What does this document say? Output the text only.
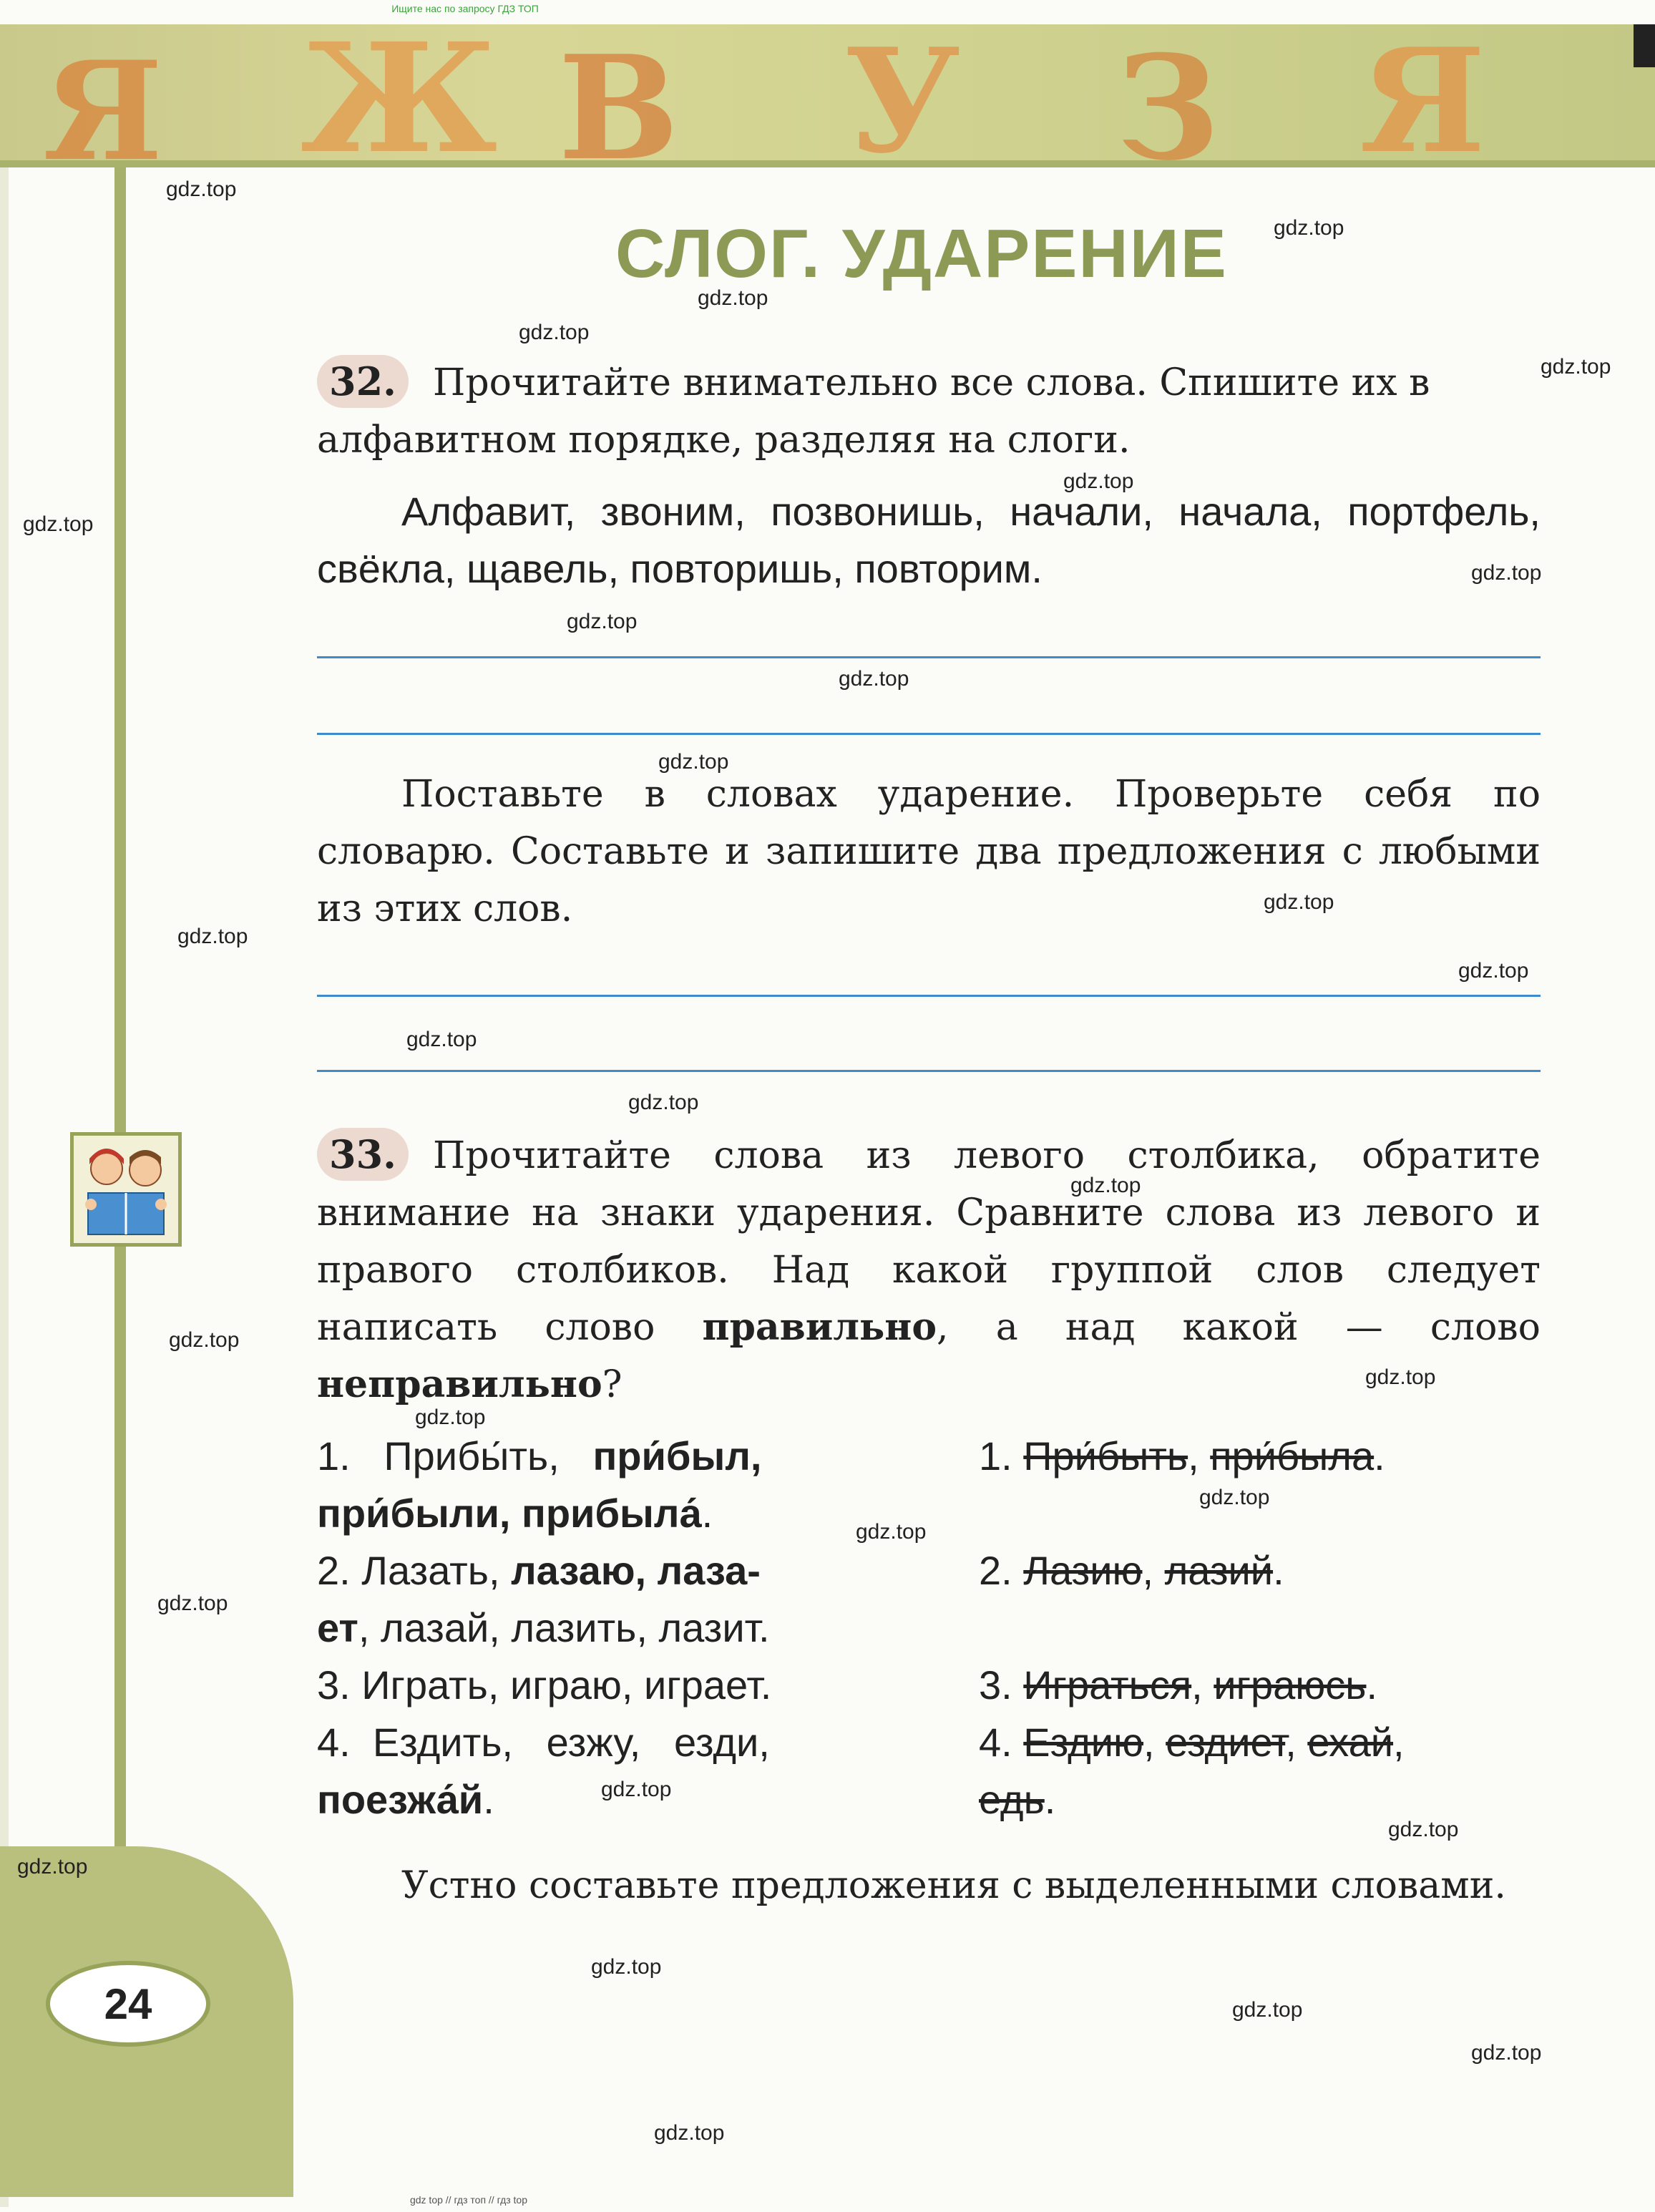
Ищите нас по запросу ГДЗ ТОП
Я Ж В У З Я
24
СЛОГ. УДАРЕНИЕ
32. Прочитайте внимательно все слова. Спишите их в алфавитном порядке, разделяя на слоги.
Алфавит, звоним, позвонишь, начали, начала, портфель, свёкла, щавель, повторишь, повторим.
Поставьте в словах ударение. Проверьте себя по словарю. Составьте и запишите два предложения с любыми из этих слов.
33. Прочитайте слова из левого столбика, обратите внимание на знаки ударения. Сравните слова из левого и правого столбиков. Над какой группой слов следует написать слово правильно, а над какой — слово неправильно?
1. Прибы́ть, при́был,
при́были, прибыла́.
2. Лазать, лазаю, лаза-
ет, лазай, лазить, лазит.
3. Играть, играю, играет.
4. Ездить, езжу, езди,
поезжа́й.
1. При́быть, при́была.
2. Лазию, лазий.
3. Играться, играюсь.
4. Ездию, ездиет, ехай,
едь.
Устно составьте предложения с выделенными словами.
gdz.top
gdz.top
gdz.top
gdz.top
gdz.top
gdz.top
gdz.top
gdz.top
gdz.top
gdz.top
gdz.top
gdz.top
gdz.top
gdz.top
gdz.top
gdz.top
gdz.top
gdz.top
gdz.top
gdz.top
gdz.top
gdz.top
gdz.top
gdz.top
gdz.top
gdz.top
gdz.top
gdz.top
gdz.top
gdz.top
gdz top // гдз топ // гдз top
